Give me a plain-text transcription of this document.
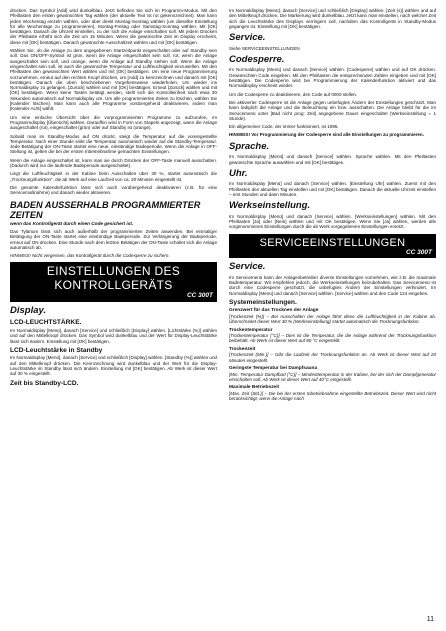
drücken. Das Symbol [Add] wird dunkelblau. Jetzt befinden Sie sich im Programm-Modus. Mit den Pfeiltasten den ersten gewünschten Tag wählen (der aktuelle Text ist rot gekennzeichnet). Man kann jeden Wochentag einzeln wählen, oder aber direkt Montag-Sonntag wählen (um dieselbe Einstellung für alle Wochentage zu programmieren), Montag-Freitag oder Samstag-Sonntag wählen. Mit [OK] bestätigen. Danach die Uhrzeit einstellen, zu der sich die Anlage einschalten soll. Mit jedem Drücken der Pfeiltaste erhöht sich die Zeit um 15 Minuten. Wenn die gewünschte Zeit im Display erscheint, diese mit [OK] bestätigen. Danach gewünschte Ausschaltzeit wählen und mit [OK] bestätigen.

Wählen Sie, ob die Anlage zu dem angegebenen Startzeitpunkt eingeschaltet oder auf Standby sein soll. Das ON/OFF-Symbol ist grün, wenn die Anlage eingeschaltet sein soll, rot, wenn die Anlage ausgeschaltet sein soll, und orange, wenn die Anlage auf Standby stehen soll. Wenn die Anlage eingeschaltet sein soll, ist auch die gewünschte Temperatur und Luftfeuchtigkeit einzustellen. Mit den Pfeiltasten den gewünschten Wert wählen und mit [OK] bestätigen. Um eine neue Programmierung vorzunehmen, erneut auf den rechten Knopf drücken, um [Add] zu kennzeichnen und danach mit [OK] bestätigen. Danach die oben beschriebenen Vorgehensweise wiederholen. Um wieder ins Normaldisplay zu gelangen, [Zurück] wählen und mit [OK] bestätigen. Erneut [Zurück] wählen und mit [OK] bestätigen. Wenn keine Tasten betätigt werden, stellt sich die Kontrolleinheit nach etwa 30 Sekunden automatisch auf Normaldisplay um. Um alle programmierten Zeiten zu löschen, wählen Sie [Kalender löschen]. Man kann auch alle Programme vorübergehend deaktivieren, indem man [Kalender AUS] wählt.

Um eine einfache Übersicht über die vorprogrammierten Programme zu aufzurufen, im Programmdisplay [Übersicht] wählen. Daraufhin wird in Form von Stapeln angezeigt, wann die Anlage ausgeschaltet (rot), eingeschaltet (grün) oder auf Standby ist (orange).

Sobald man im Standby-Modus auf ON drückt, steigt die Temperatur auf die voreingestellte Temperatur. Nach einer Stunde sinkt die Temperatur automatisch wieder auf die Standby-Temperatur. Jede Betätigung der ON-Taste startet eine neue, einstündige Badeperiode. Wenn die Anlage in OFF-Stellung ist, gelten die bei der ersten Inbetriebnahme gemachten Einstellungen.

Wenn die Anlage eingeschaltet ist, kann man sie durch Drücken der OFF-Taste manuell ausschalten. (Dadurch wird nur die laufende Badeperiode ausgeschaltet).

Liegt die Luftfeuchtigkeit in der Kabine beim Ausschalten über 30 %, startet automatisch die „Trocknungsfunktion“, die ab Werk auf eine Laufzeit von ca. 20 Minuten eingestellt ist.

Die gesamte Kalenderfunktion lässt sich auch vorübergehend deaktivieren (z.B. für eine Servicemaßnahme) und danach wieder aktivieren.

BADEN AUSSERHALB PROGRAMMIERTER ZEITEN
wenn das Kontrollgerät durch einen Code gesichert ist.

Das Tylarium lässt sich auch außerhalb der programmierten Zeiten anwenden. Bei einmaliger Betätigung der ON-Taste startet eine einstündige Badeperiode. Zur Verlängerung der Badeperiode, erneut auf ON drücken. Eine Stunde nach dem letzten Betätigen der ON-Taste schaltet sich die Anlage automatisch ab.

HINWEIS! Nicht vergessen, das Kontrollgerät durch die Codesperre zu sichern.

EINSTELLUNGEN DES KONTROLLGERÄTS
CC 300T
Display.
LCD-LEUCHTSTÄRKE.

Im Normaldisplay [Menü], danach [Service] und schließlich [Display] wählen. [Lichtstärke (%)] wählen und auf den Mittelknopf drücken. Das Symbol wird dunkelblau und der Wert für Display-Leuchtstärke lässt sich ändern. Einstellung mit [OK] bestätigen.

LCD-Leuchtstärke in Standby

Im Normaldisplay [Menü], danach [Service] und schließlich [Display] wählen. [Standby (%)] wählen und auf den Mittelknopf drücken. Die Kennzeichnung wird dunkelblau und der Wert für die Display-Leuchtstärke im Standby lässt sich ändern. Einstellung mit [OK] bestätigen. Ab Werk ist dieser Wert auf 30 % eingestellt.

Zeit bis Standby-LCD.

Im Normaldisplay [Menü], danach [Service] und schließlich [Display] wählen. [Zeit (s)] wählen und auf den Mittelknopf drücken. Die Markierung wird dunkelblau. Jetzt kann man einstellen, nach welcher Zeit sich die Leuchtstärke des Displays verringern soll, nachdem das Kontrollgerät in Standby-Modus gegangen ist. Einstellung mit [OK] bestätigen.

Service.

Siehe SERVICEEINSTELLUNGEN

Codesperre.

Im Normaldisplay [Menü] und danach [Service] wählen. [Codesperre] wählen und auf OK drücken. Gewünschten Code eingeben. Mit den Pfeiltasten die entsprechenden Zahlen eingeben und mit [OK] bestätigen. Die Codesperre wird bei Programmierung der Kalenderfunktion aktiviert und das Normaldisplay erscheint wieder.

Um die Codesperre zu deaktivieren, den Code auf 0000 stellen.

Bei aktivierter Codesperre ist die Anlage gegen unbefugtes Ändern der Einstellungen geschützt. Man kann lediglich die Anlage und die Beleuchtung ein bzw. ausschalten. Die Anlage bleibt für die im Servicemenü unter [Bad nicht prog: Zeit] angegebene Dauer eingeschaltet (Werkseinstellung = 1 Stunde).

Ein allgemeiner Code, der immer funktioniert, ist 1995.

HINWEIS! Vor Programmierung der Codesperre sind alle Einstellungen zu programmieren.

Sprache.

Im Normaldisplay [Menü] und danach [Service] wählen. Sprache wählen. Mit den Pfeiltasten gewünschte Sprache auswählen und mit [OK] bestätigen.

Uhr.

Im Normaldisplay [Menü] und danach [Service] wählen. [Einstellung Uhr] wählen. Zuerst mit den Pfeiltasten den aktuellen Tag einstellen und mit [OK] bestätigen. Danach die aktuelle Uhrzeit einstellen – erst Stunden und dann Minuten.

Werkseinstellung.

Im Normaldisplay [Menü] und danach [Service] wählen. [Werkseinstellungen] wählen. Mit den Pfeiltasten [Ja] oder [Nein] wählen und mit OK bestätigen. Wenn Sie [Ja] wählen, werden alle vorgenommenen Einstellungen durch die ab Werk vorgegebenen Einstellungen ersetzt.

SERVICEEINSTELLUNGEN
CC 300T
Service.

Im Servicemenü kann der Anlagenbetreiber diverse Einstellungen vornehmen, wie z.B. die maximale Badetemperatur. Wir empfehlen jedoch, die Werkseinstellungen beizubehalten. Das Servicemenü ist durch eine Codesperre geschützt, die unbefugtes Ändern der Einstellungen verhindert. Im Normaldisplay [Menü] und danach [Service] wählen. [Service] wählen und den Code 124 eingeben.

Systemeinstellungen.
Grenzwert für das Trocknen der Anlage

[Trockenzeit (%)] – Bei Ausschalten der Anlage fährt diese die Luftfeuchtigkeit in der Kabine ab. Überschreitet dieser Wert 30 % (Werkseinstellung) startet automatisch die Trocknungsfunktion.

Trockentemperatur

[Trockentemperatur (°C)] – Dies ist die Temperatur, die die Anlage während der Trocknungsfunktion beibehält. Ab Werk ist dieser Wert auf 80 °C eingestellt.

Trockenzeit

[Trockenzeit (Min.)] – Gibt die Laufzeit der Trocknungsfunktion an. Ab Werk ist dieser Wert auf 20 Minuten eingestellt.

Geringste Temperatur bei Dampfsauna

[Min. Temperatur Dampfbad (°C)] – Mindesttemperatur in der Kabine, bei der sich der Dampfgenerator einschalten soll. Ab Werk ist dieser Wert auf 40°C eingestellt.

Maximale Betriebszeit

[Max. Zeit (Std.)] – Die bei der ersten Inbetriebnahme eingestellte Betriebszeit. Dieser Wert wird nicht berücksichtigt, wenn die Anlage nach

11
